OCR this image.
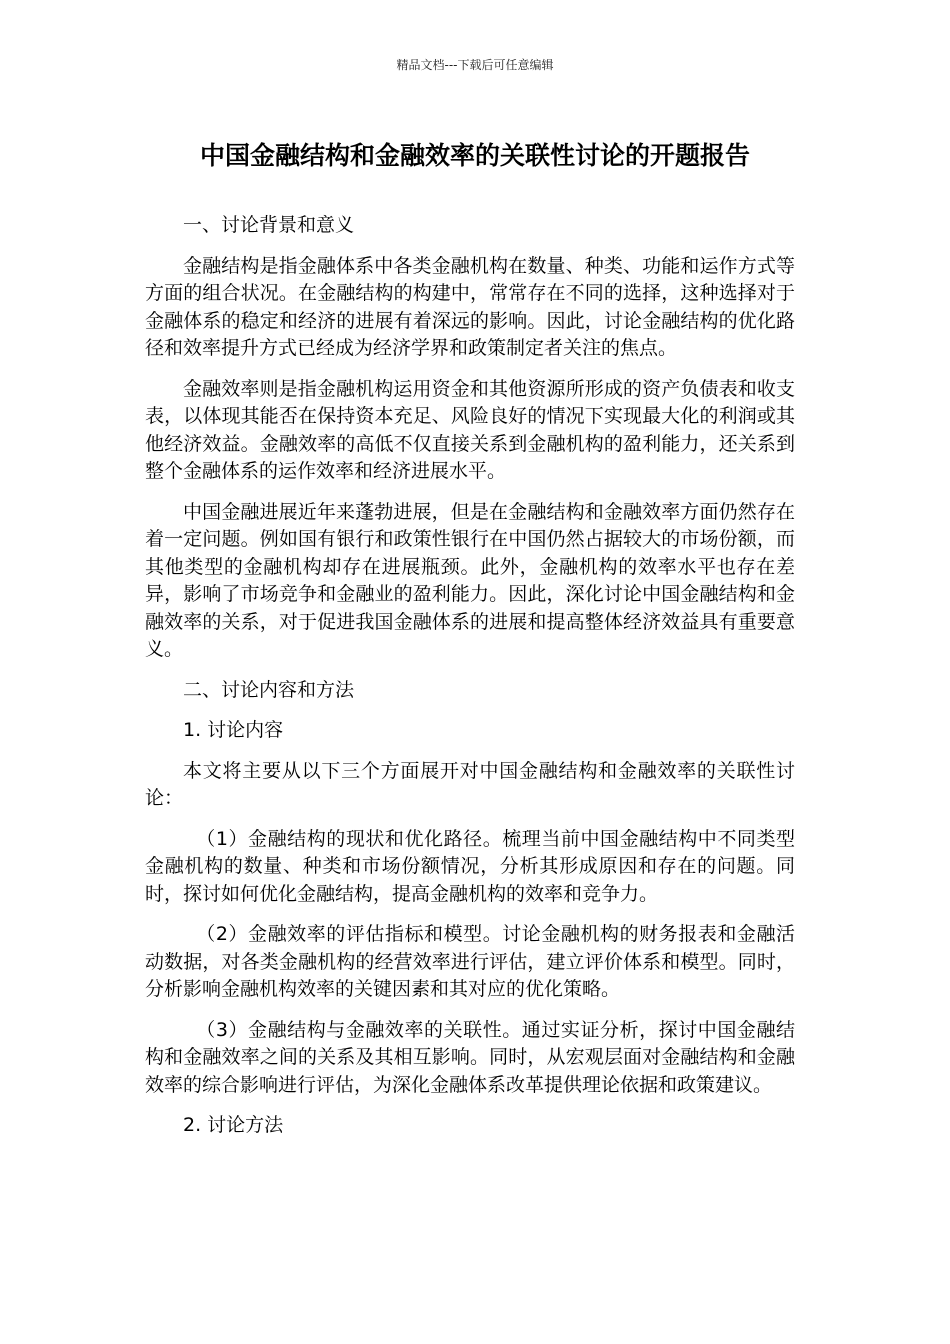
精品文档---下载后可任意编辑
中国金融结构和金融效率的关联性讨论的开题报告

一、讨论背景和意义

金融结构是指金融体系中各类金融机构在数量、种类、功能和运作方式等方面的组合状况。在金融结构的构建中，常常存在不同的选择，这种选择对于金融体系的稳定和经济的进展有着深远的影响。因此，讨论金融结构的优化路径和效率提升方式已经成为经济学界和政策制定者关注的焦点。

金融效率则是指金融机构运用资金和其他资源所形成的资产负债表和收支表，以体现其能否在保持资本充足、风险良好的情况下实现最大化的利润或其他经济效益。金融效率的高低不仅直接关系到金融机构的盈利能力，还关系到整个金融体系的运作效率和经济进展水平。

中国金融进展近年来蓬勃进展，但是在金融结构和金融效率方面仍然存在着一定问题。例如国有银行和政策性银行在中国仍然占据较大的市场份额，而其他类型的金融机构却存在进展瓶颈。此外，金融机构的效率水平也存在差异，影响了市场竞争和金融业的盈利能力。因此，深化讨论中国金融结构和金融效率的关系，对于促进我国金融体系的进展和提高整体经济效益具有重要意义。

二、讨论内容和方法

1. 讨论内容

本文将主要从以下三个方面展开对中国金融结构和金融效率的关联性讨论：

（1）金融结构的现状和优化路径。梳理当前中国金融结构中不同类型金融机构的数量、种类和市场份额情况，分析其形成原因和存在的问题。同时，探讨如何优化金融结构，提高金融机构的效率和竞争力。

（2）金融效率的评估指标和模型。讨论金融机构的财务报表和金融活动数据，对各类金融机构的经营效率进行评估，建立评价体系和模型。同时，分析影响金融机构效率的关键因素和其对应的优化策略。

（3）金融结构与金融效率的关联性。通过实证分析，探讨中国金融结构和金融效率之间的关系及其相互影响。同时，从宏观层面对金融结构和金融效率的综合影响进行评估，为深化金融体系改革提供理论依据和政策建议。

2. 讨论方法
